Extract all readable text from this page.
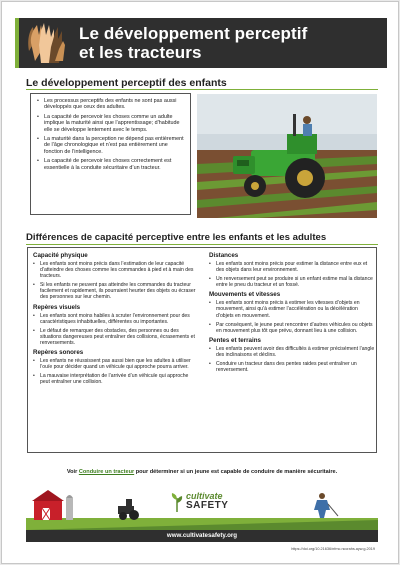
Le développement perceptif
et les tracteurs
Le développement perceptif des enfants
• Les processus perceptifs des enfants ne sont pas aussi développés que ceux des adultes.
• La capacité de percevoir les choses comme un adulte implique la maturité ainsi que l’apprentissage; d’habitude elle se développe lentement avec le temps.
• La maturité dans la perception ne dépend pas entièrement de l’âge chronologique et n’est pas entièrement une fonction de l’intelligence.
• La capacité de percevoir les choses correctement est essentielle à la conduite sécuritaire d’un tracteur.
Différences de capacité perceptive entre les enfants et les adultes
Capacité physique
• Les enfants sont moins précis dans l’estimation de leur capacité d’atteindre des choses comme les commandes à pied et à main des tracteurs.
• Si les enfants ne peuvent pas atteindre les commandes du tracteur facilement et rapidement, ils pourraient heurter des objets ou écraser des personnes sur leur chemin.
Repères visuels
• Les enfants sont moins habiles à scruter l’environnement pour des caractéristiques inhabituelles, différentes ou importantes.
• Le défaut de remarquer des obstacles, des personnes ou des situations dangereuses peut entraîner des collisions, écrasements et renversements.
Repères sonores
• Les enfants ne réussissent pas aussi bien que les adultes à utiliser l’ouïe pour décider quand un véhicule qui approche pourra arriver.
• La mauvaise interprétation de l’arrivée d’un véhicule qui approche peut entraîner une collision.
Distances
• Les enfants sont moins précis pour estimer la distance entre eux et des objets dans leur environnement.
• Un renversement peut se produire si un enfant estime mal la distance entre le pneu du tracteur et un fossé.
Mouvements et vitesses
• Les enfants sont moins précis à estimer les vitesses d’objets en mouvement, ainsi qu’à estimer l’accélération ou la décélération d’objets en mouvement.
• Par conséquent, le jeune peut rencontrer d’autres véhicules ou objets en mouvement plus tôt que prévu, donnant lieu à une collision.
Pentes et terrains
• Les enfants peuvent avoir des difficultés à estimer précisément l’angle des inclinaisons et déclins.
• Conduire un tracteur dans des pentes raides peut entraîner un renversement.
Voir Conduire un tracteur pour déterminer si un jeune est capable de conduire de manière sécuritaire.
cultivate
SAFETY
www.cultivatesafety.org
https://doi.org/10.21636/nfmc.nccrahs.ayw.g.2019
